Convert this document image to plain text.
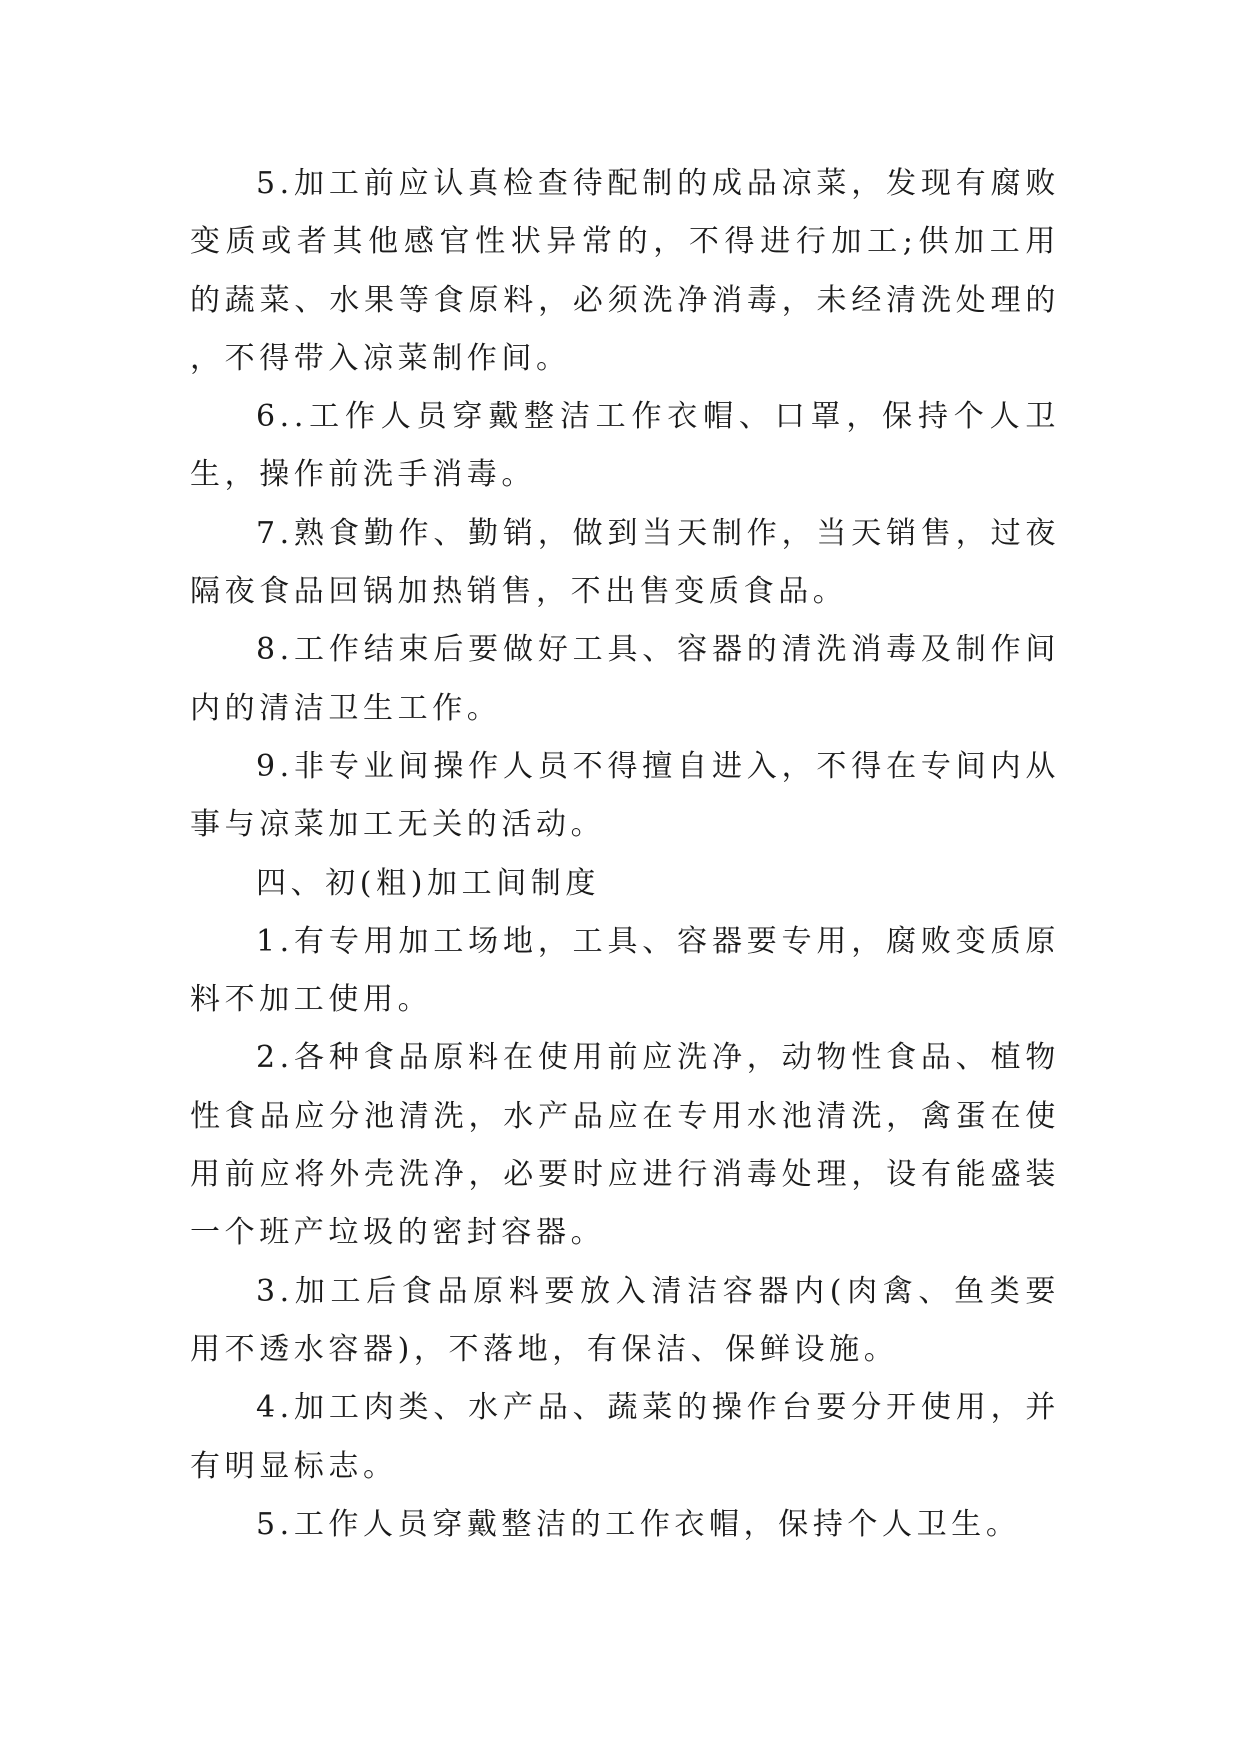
5.加工前应认真检查待配制的成品凉菜，发现有腐败变质或者其他感官性状异常的，不得进行加工;供加工用的蔬菜、水果等食原料，必须洗净消毒，未经清洗处理的，不得带入凉菜制作间。

6..工作人员穿戴整洁工作衣帽、口罩，保持个人卫生，操作前洗手消毒。

7.熟食勤作、勤销，做到当天制作，当天销售，过夜隔夜食品回锅加热销售，不出售变质食品。

8.工作结束后要做好工具、容器的清洗消毒及制作间内的清洁卫生工作。

9.非专业间操作人员不得擅自进入，不得在专间内从事与凉菜加工无关的活动。

四、初(粗)加工间制度

1.有专用加工场地，工具、容器要专用，腐败变质原料不加工使用。

2.各种食品原料在使用前应洗净，动物性食品、植物性食品应分池清洗，水产品应在专用水池清洗，禽蛋在使用前应将外壳洗净，必要时应进行消毒处理，设有能盛装一个班产垃圾的密封容器。

3.加工后食品原料要放入清洁容器内(肉禽、鱼类要用不透水容器)，不落地，有保洁、保鲜设施。

4.加工肉类、水产品、蔬菜的操作台要分开使用，并有明显标志。

5.工作人员穿戴整洁的工作衣帽，保持个人卫生。
